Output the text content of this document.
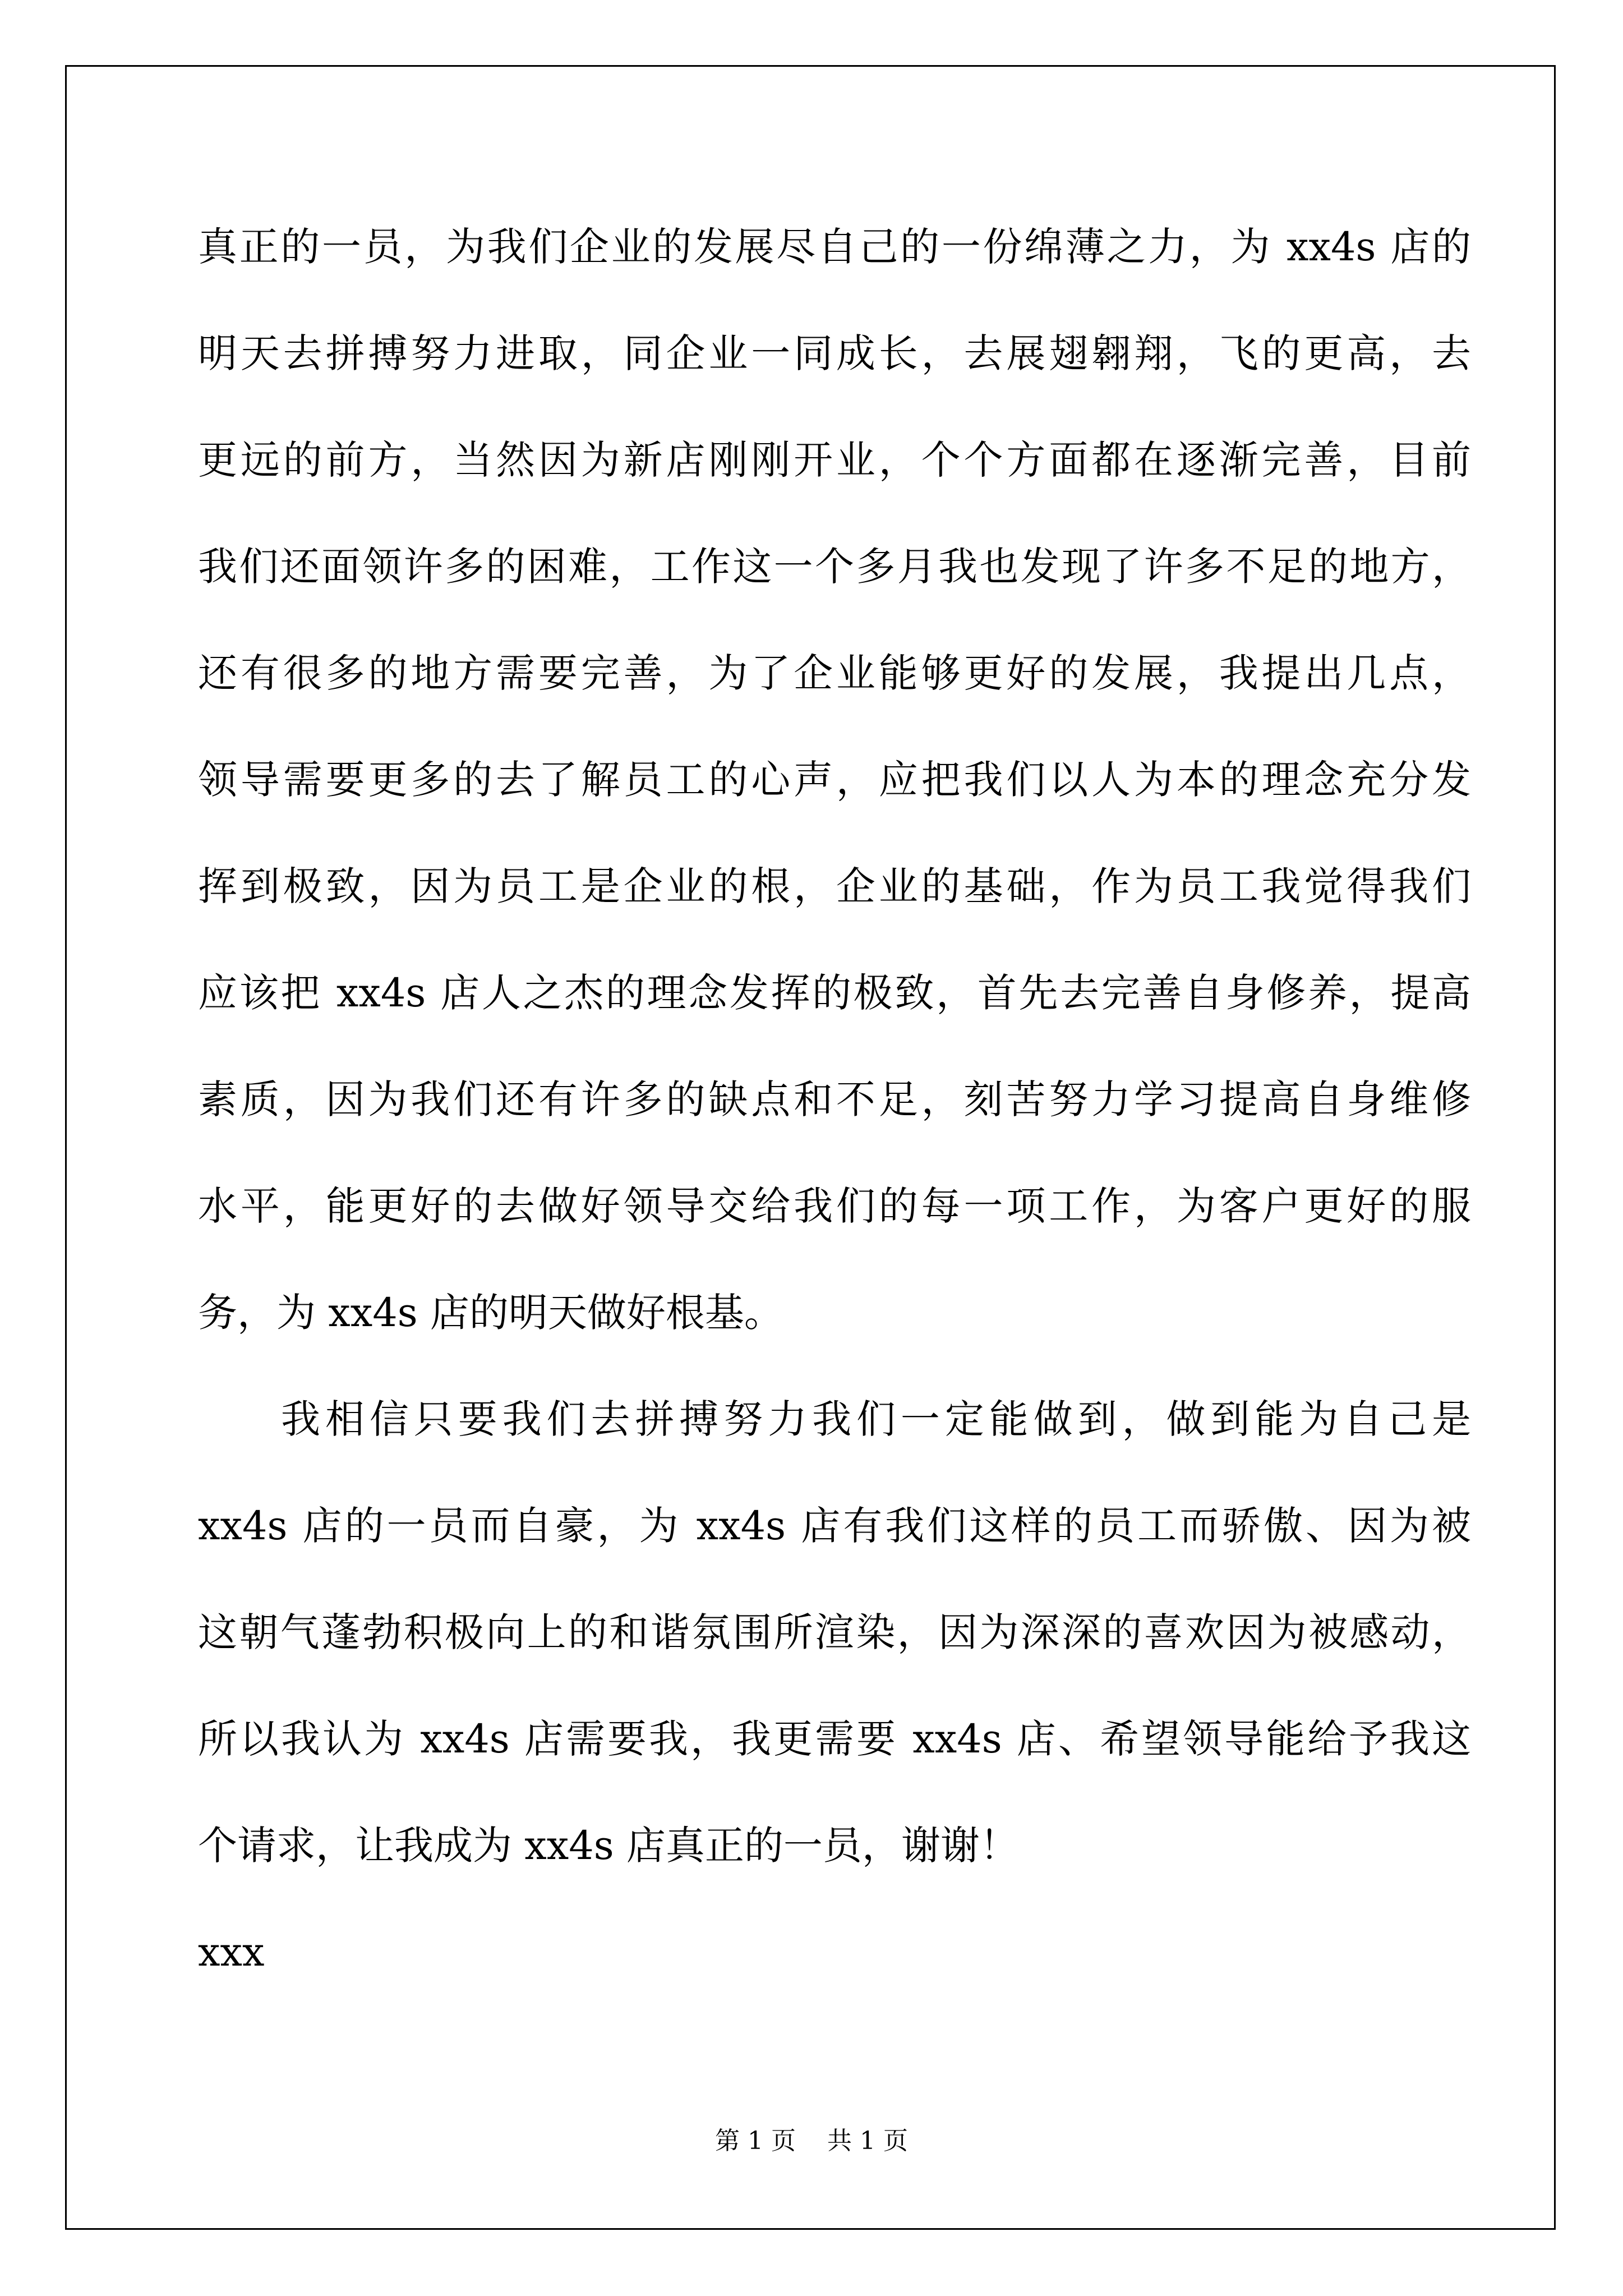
真正的一员，为我们企业的发展尽自己的一份绵薄之力，为 xx4s 店的
明天去拼搏努力进取，同企业一同成长，去展翅翱翔，飞的更高，去
更远的前方，当然因为新店刚刚开业，个个方面都在逐渐完善，目前
我们还面领许多的困难，工作这一个多月我也发现了许多不足的地方，
还有很多的地方需要完善，为了企业能够更好的发展，我提出几点，
领导需要更多的去了解员工的心声，应把我们以人为本的理念充分发
挥到极致，因为员工是企业的根，企业的基础，作为员工我觉得我们
应该把 xx4s 店人之杰的理念发挥的极致，首先去完善自身修养，提高
素质，因为我们还有许多的缺点和不足，刻苦努力学习提高自身维修
水平，能更好的去做好领导交给我们的每一项工作，为客户更好的服
务，为 xx4s 店的明天做好根基。
我相信只要我们去拼搏努力我们一定能做到，做到能为自己是
xx4s 店的一员而自豪，为 xx4s 店有我们这样的员工而骄傲、因为被
这朝气蓬勃积极向上的和谐氛围所渲染，因为深深的喜欢因为被感动，
所以我认为 xx4s 店需要我，我更需要 xx4s 店、希望领导能给予我这
个请求，让我成为 xx4s 店真正的一员，谢谢！
xxx
第 1 页 共 1 页
